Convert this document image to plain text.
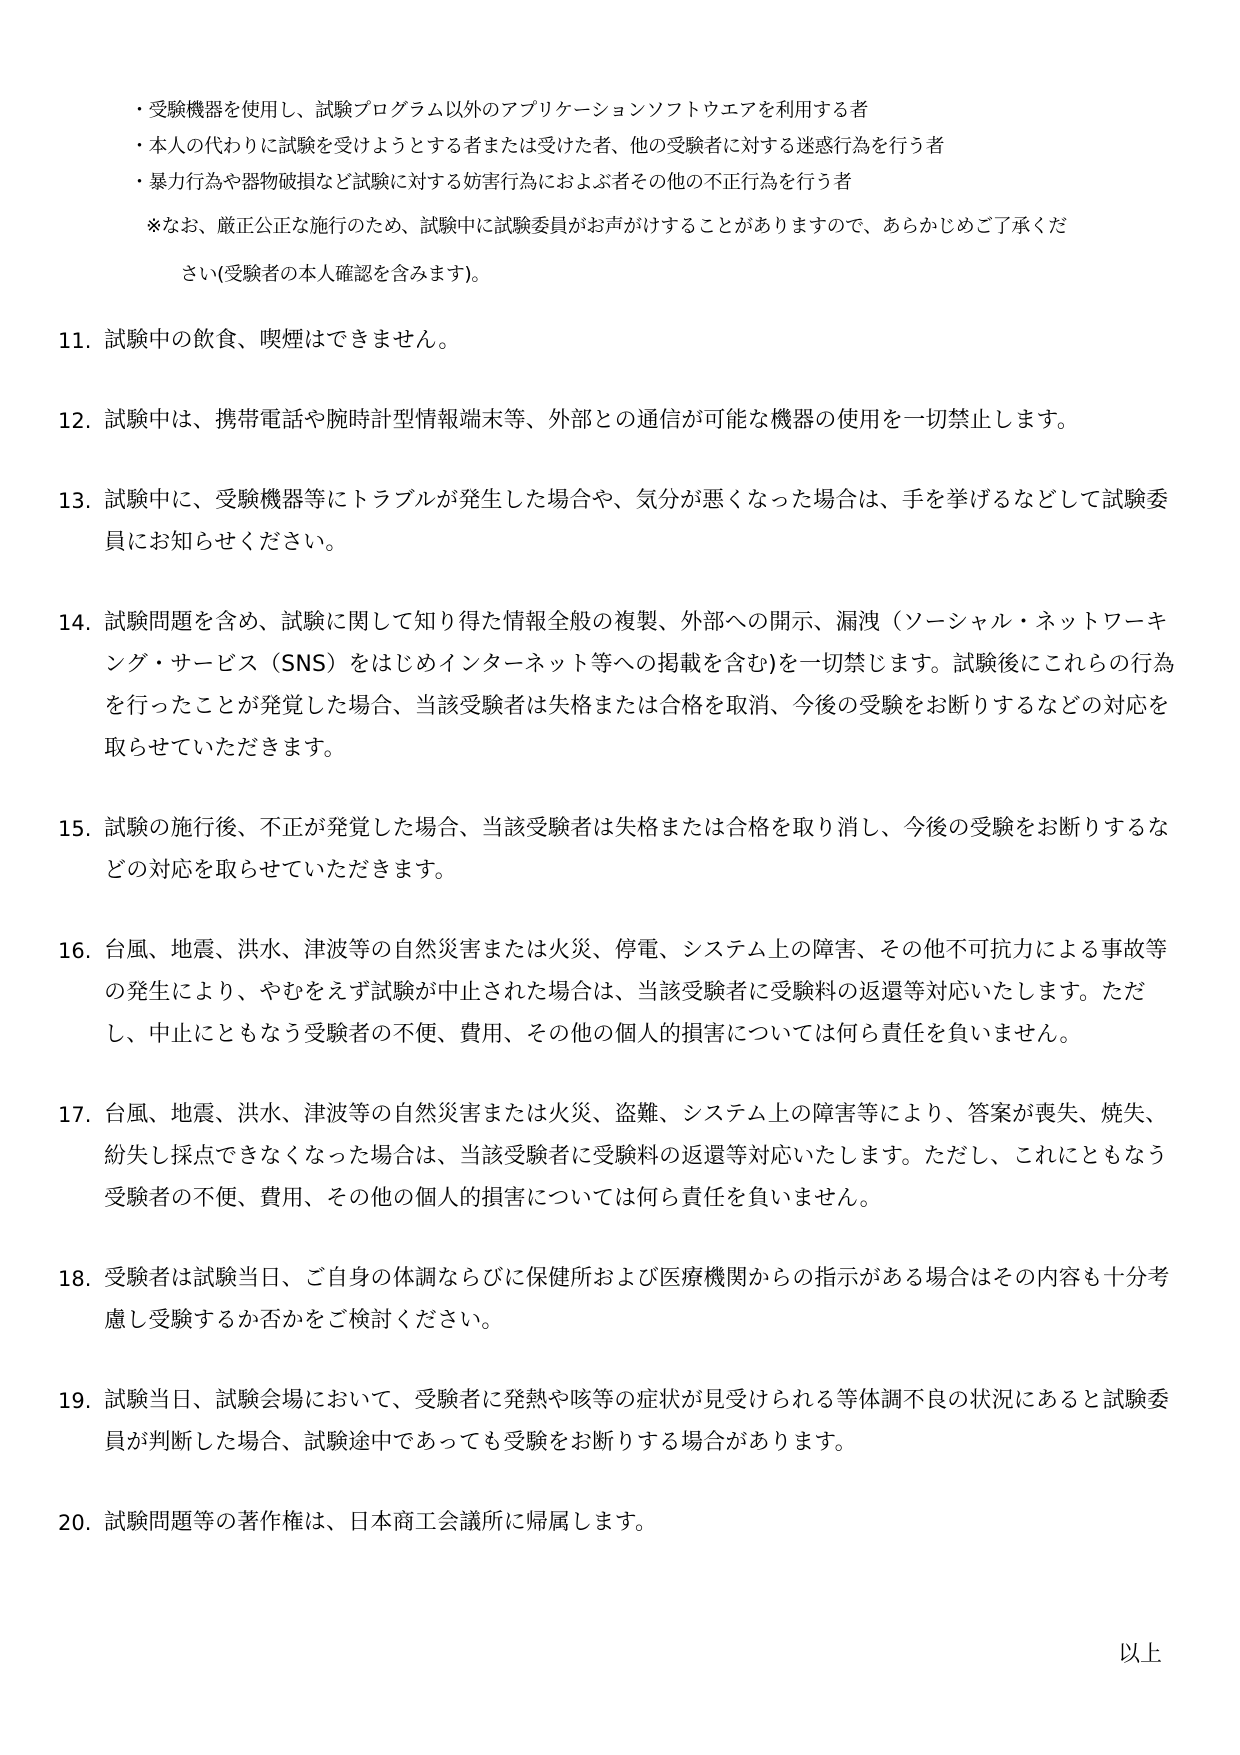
・受験機器を使用し、試験プログラム以外のアプリケーションソフトウエアを利用する者
・本人の代わりに試験を受けようとする者または受けた者、他の受験者に対する迷惑行為を行う者
・暴力行為や器物破損など試験に対する妨害行為におよぶ者その他の不正行為を行う者
※なお、厳正公正な施行のため、試験中に試験委員がお声がけすることがありますので、あらかじめご了承くだ
さい(受験者の本人確認を含みます)。
11. 試験中の飲食、喫煙はできません。
12. 試験中は、携帯電話や腕時計型情報端末等、外部との通信が可能な機器の使用を一切禁止します。
13. 試験中に、受験機器等にトラブルが発生した場合や、気分が悪くなった場合は、手を挙げるなどして試験委員にお知らせください。
14. 試験問題を含め、試験に関して知り得た情報全般の複製、外部への開示、漏洩（ソーシャル・ネットワーキング・サービス（SNS）をはじめインターネット等への掲載を含む)を一切禁じます。試験後にこれらの行為を行ったことが発覚した場合、当該受験者は失格または合格を取消、今後の受験をお断りするなどの対応を取らせていただきます。
15. 試験の施行後、不正が発覚した場合、当該受験者は失格または合格を取り消し、今後の受験をお断りするなどの対応を取らせていただきます。
16. 台風、地震、洪水、津波等の自然災害または火災、停電、システム上の障害、その他不可抗力による事故等の発生により、やむをえず試験が中止された場合は、当該受験者に受験料の返還等対応いたします。ただし、中止にともなう受験者の不便、費用、その他の個人的損害については何ら責任を負いません。
17. 台風、地震、洪水、津波等の自然災害または火災、盗難、システム上の障害等により、答案が喪失、焼失、紛失し採点できなくなった場合は、当該受験者に受験料の返還等対応いたします。ただし、これにともなう受験者の不便、費用、その他の個人的損害については何ら責任を負いません。
18. 受験者は試験当日、ご自身の体調ならびに保健所および医療機関からの指示がある場合はその内容も十分考慮し受験するか否かをご検討ください。
19. 試験当日、試験会場において、受験者に発熱や咳等の症状が見受けられる等体調不良の状況にあると試験委員が判断した場合、試験途中であっても受験をお断りする場合があります。
20. 試験問題等の著作権は、日本商工会議所に帰属します。
以上
